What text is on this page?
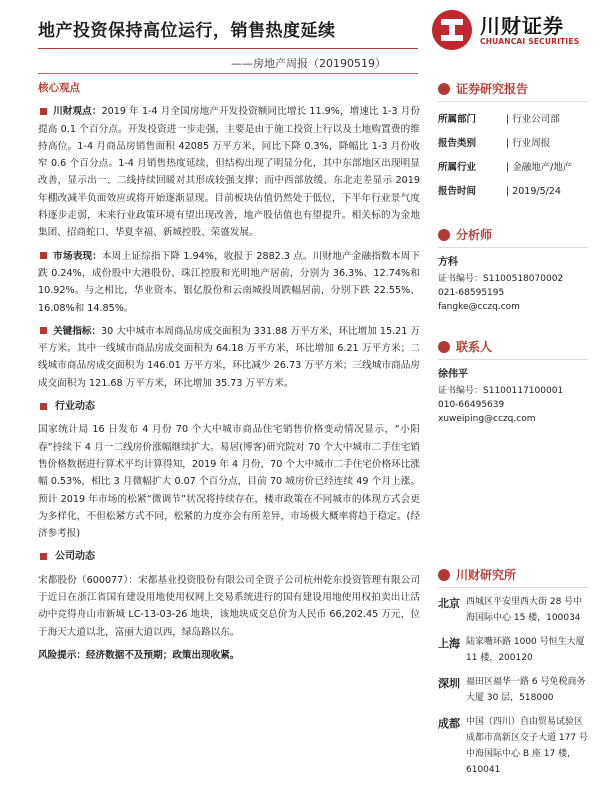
地产投资保持高位运行，销售热度延续
——房地产周报（20190519）
川财证券
CHUANCAI SECURITIES
核心观点
川财观点：2019 年 1-4 月全国房地产开发投资额同比增长 11.9%，增速比 1-3 月份提高 0.1 个百分点。开发投资进一步走强，主要是由于施工投资上行以及土地购置费的维持高位。1-4 月商品房销售面积 42085 万平方米，同比下降 0.3%，降幅比 1-3 月份收窄 0.6 个百分点。1-4 月销售热度延续，但结构出现了明显分化，其中东部地区出现明显改善，显示出一、二线持续回暖对其形成较强支撑；而中西部放缓、东北走差显示 2019 年棚改减半负面效应或将开始逐渐显现。目前板块估值仍然处于低位，下半年行业景气度料逐步走弱，未来行业政策环境有望出现改善，地产股估值也有望提升。相关标的为金地集团、招商蛇口、华夏幸福、新城控股、荣盛发展。
市场表现：本周上证综指下降 1.94%，收报于 2882.3 点。川财地产金融指数本周下跌 0.24%，成份股中大港股份、珠江控股和光明地产居前，分别为 36.3%、12.74%和 10.92%。与之相比，华业资本、银亿股份和云南城投周跌幅居前，分别下跌 22.55%、16.08%和 14.85%。
关键指标：30 大中城市本周商品房成交面积为 331.88 万平方米，环比增加 15.21 万平方米。其中一线城市商品房成交面积为 64.18 万平方米，环比增加 6.21 万平方米；二线城市商品房成交面积为 146.01 万平方米，环比减少 26.73 万平方米；三线城市商品房成交面积为 121.68 万平方米，环比增加 35.73 万平方米。
行业动态
国家统计局 16 日发布 4 月份 70 个大中城市商品住宅销售价格变动情况显示，“小阳春”持续下 4 月一二线房价涨幅继续扩大。易居(博客)研究院对 70 个大中城市二手住宅销售价格数据进行算术平均计算得知，2019 年 4 月份，70 个大中城市二手住宅价格环比涨幅 0.53%，相比 3 月微幅扩大 0.07 个百分点，目前 70 城房价已经连续 49 个月上涨。预计 2019 年市场的松紧“微调节”状况将持续存在，楼市政策在不同城市的体现方式会更为多样化，不但松紧方式不同，松紧的力度亦会有所差异，市场极大概率将趋于稳定。(经济参考报)
公司动态
宋都股份（600077）：宋都基业投资股份有限公司全资子公司杭州乾东投资管理有限公司于近日在浙江省国有建设用地使用权网上交易系统进行的国有建设用地使用权拍卖出让活动中竞得舟山市新城 LC-13-03-26 地块，该地块成交总价为人民币 66,202.45 万元，位于海天大道以北，富丽大道以西，绿岛路以东。
风险提示：经济数据不及预期；政策出现收紧。
证券研究报告
所属部门	| 行业公司部
报告类别	| 行业周报
所属行业	| 金融地产/地产
报告时间	| 2019/5/24
分析师
方科
证书编号：S1100518070002
021-68595195
fangke@cczq.com
联系人
徐伟平
证书编号：S1100117100001
010-66495639
xuweiping@cczq.com
川财研究所
北京 西城区平安里西大街 28 号中海国际中心 15 楼，100034
上海 陆家嘴环路 1000 号恒生大厦 11 楼，200120
深圳 福田区福华一路 6 号免税商务大厦 30 层，518000
成都 中国（四川）自由贸易试验区成都市高新区交子大道 177 号中海国际中心 B 座 17 楼，610041
